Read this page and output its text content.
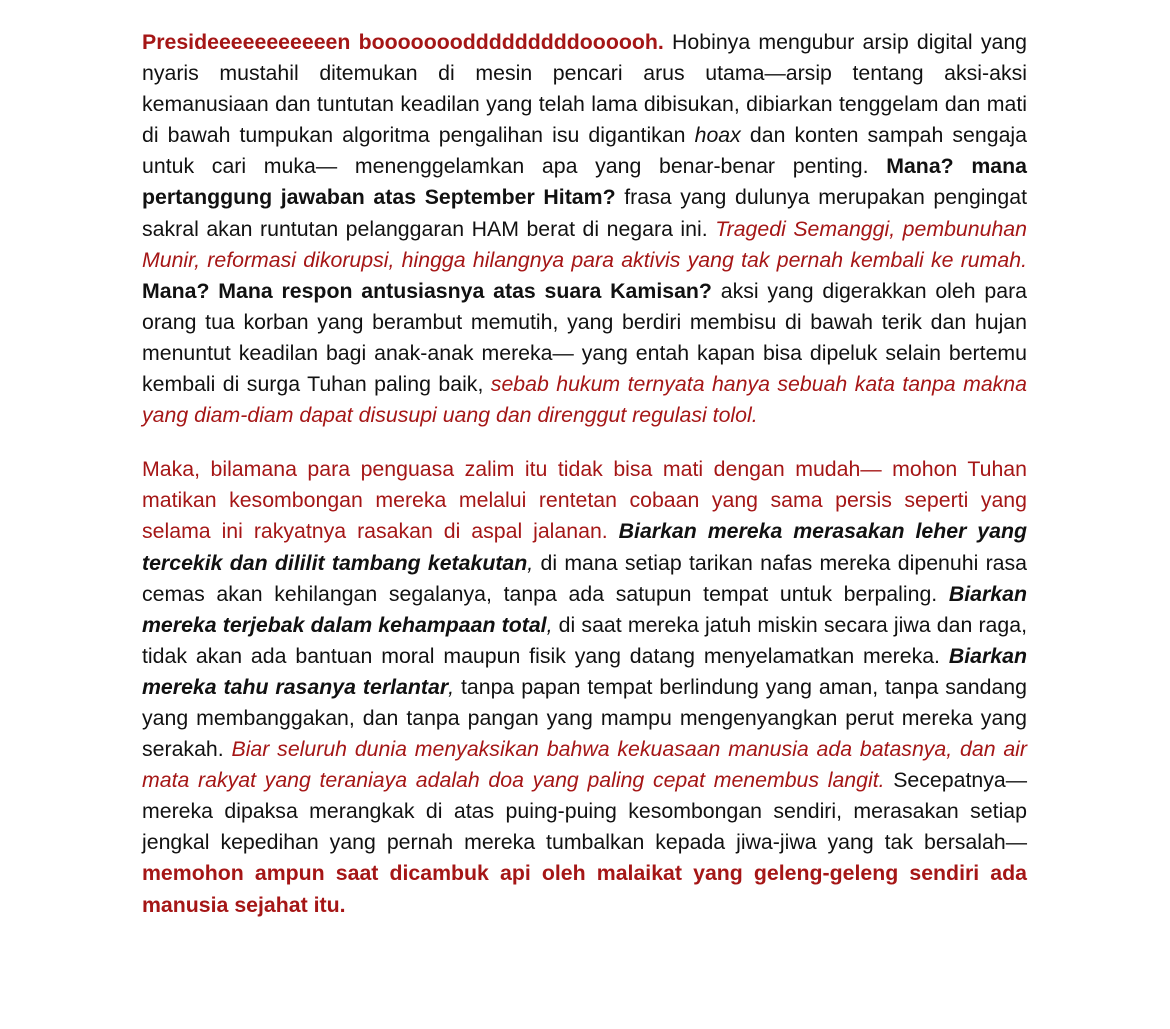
Presideeeeeeeeeeen booooooodddddddddoooooh. Hobinya mengubur arsip digital yang nyaris mustahil ditemukan di mesin pencari arus utama—arsip tentang aksi-aksi kemanusiaan dan tuntutan keadilan yang telah lama dibisukan, dibiarkan tenggelam dan mati di bawah tumpukan algoritma pengalihan isu digantikan hoax dan konten sampah sengaja untuk cari muka— menenggelamkan apa yang benar-benar penting. Mana? mana pertanggung jawaban atas September Hitam? frasa yang dulunya merupakan pengingat sakral akan runtutan pelanggaran HAM berat di negara ini. Tragedi Semanggi, pembunuhan Munir, reformasi dikorupsi, hingga hilangnya para aktivis yang tak pernah kembali ke rumah. Mana? Mana respon antusiasnya atas suara Kamisan? aksi yang digerakkan oleh para orang tua korban yang berambut memutih, yang berdiri membisu di bawah terik dan hujan menuntut keadilan bagi anak-anak mereka— yang entah kapan bisa dipeluk selain bertemu kembali di surga Tuhan paling baik, sebab hukum ternyata hanya sebuah kata tanpa makna yang diam-diam dapat disusupi uang dan direnggut regulasi tolol.

Maka, bilamana para penguasa zalim itu tidak bisa mati dengan mudah— mohon Tuhan matikan kesombongan mereka melalui rentetan cobaan yang sama persis seperti yang selama ini rakyatnya rasakan di aspal jalanan. Biarkan mereka merasakan leher yang tercekik dan dililit tambang ketakutan, di mana setiap tarikan nafas mereka dipenuhi rasa cemas akan kehilangan segalanya, tanpa ada satupun tempat untuk berpaling. Biarkan mereka terjebak dalam kehampaan total, di saat mereka jatuh miskin secara jiwa dan raga, tidak akan ada bantuan moral maupun fisik yang datang menyelamatkan mereka. Biarkan mereka tahu rasanya terlantar, tanpa papan tempat berlindung yang aman, tanpa sandang yang membanggakan, dan tanpa pangan yang mampu mengenyangkan perut mereka yang serakah. Biar seluruh dunia menyaksikan bahwa kekuasaan manusia ada batasnya, dan air mata rakyat yang teraniaya adalah doa yang paling cepat menembus langit. Secepatnya— mereka dipaksa merangkak di atas puing-puing kesombongan sendiri, merasakan setiap jengkal kepedihan yang pernah mereka tumbalkan kepada jiwa-jiwa yang tak bersalah— memohon ampun saat dicambuk api oleh malaikat yang geleng-geleng sendiri ada manusia sejahat itu.
